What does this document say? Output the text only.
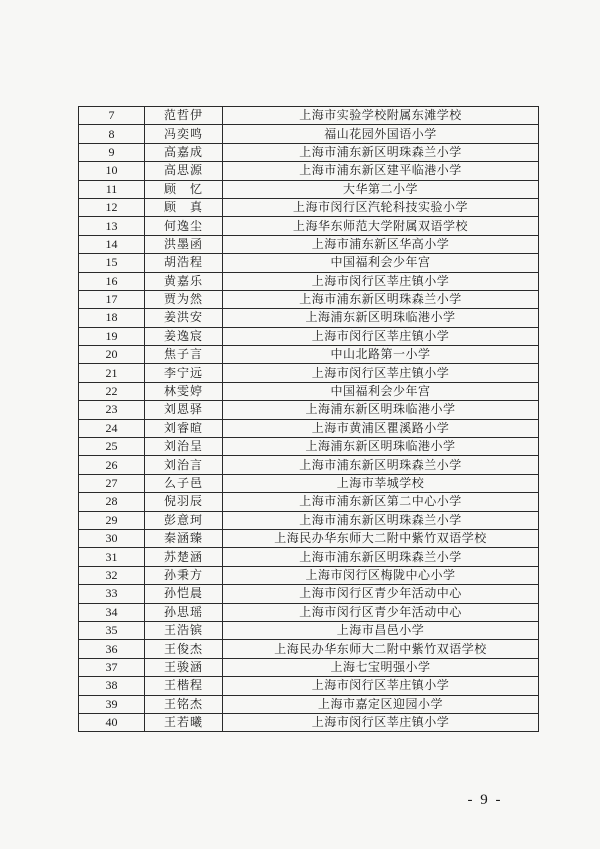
7	范哲伊	上海市实验学校附属东滩学校
8	冯奕鸣	福山花园外国语小学
9	高嘉成	上海市浦东新区明珠森兰小学
10	高思源	上海市浦东新区建平临港小学
11	顾　忆	大华第二小学
12	顾　真	上海市闵行区汽轮科技实验小学
13	何逸尘	上海华东师范大学附属双语学校
14	洪墨函	上海市浦东新区华高小学
15	胡浩程	中国福利会少年宫
16	黄嘉乐	上海市闵行区莘庄镇小学
17	贾为然	上海市浦东新区明珠森兰小学
18	姜洪安	上海浦东新区明珠临港小学
19	姜逸宸	上海市闵行区莘庄镇小学
20	焦子言	中山北路第一小学
21	李宁远	上海市闵行区莘庄镇小学
22	林雯婷	中国福利会少年宫
23	刘恩驿	上海浦东新区明珠临港小学
24	刘睿暄	上海市黄浦区瞿溪路小学
25	刘治呈	上海浦东新区明珠临港小学
26	刘治言	上海市浦东新区明珠森兰小学
27	么子邑	上海市莘城学校
28	倪羽辰	上海市浦东新区第二中心小学
29	彭意珂	上海市浦东新区明珠森兰小学
30	秦涵臻	上海民办华东师大二附中紫竹双语学校
31	苏楚涵	上海市浦东新区明珠森兰小学
32	孙秉方	上海市闵行区梅陇中心小学
33	孙恺晨	上海市闵行区青少年活动中心
34	孙思瑶	上海市闵行区青少年活动中心
35	王浩镔	上海市昌邑小学
36	王俊杰	上海民办华东师大二附中紫竹双语学校
37	王骏涵	上海七宝明强小学
38	王楷程	上海市闵行区莘庄镇小学
39	王铭杰	上海市嘉定区迎园小学
40	王若曦	上海市闵行区莘庄镇小学
- 9 -
